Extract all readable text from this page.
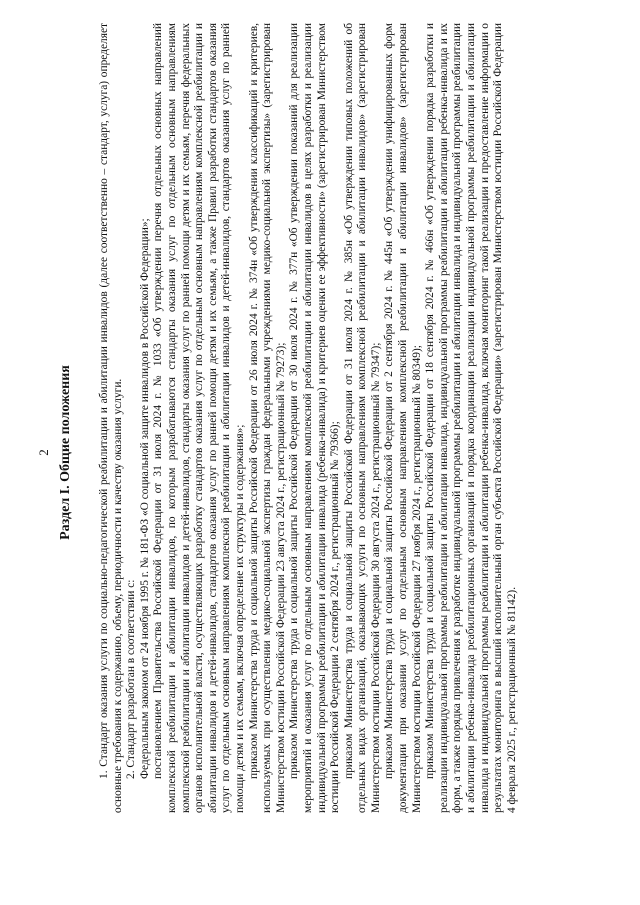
2 Раздел I. Общие положения 1. Стандарт оказания услуги по социально-педагогической реабилитации и абилитации инвалидов (далее соответственно – стандарт, услуга) определяет основные требования к содержанию, объему, периодичности и качеству оказания услуги. 2. Стандарт разработан в соответствии с: Федеральным законом от 24 ноября 1995 г. № 181-ФЗ «О социальной защите инвалидов в Российской Федерации»; постановлением Правительства Российской Федерации от 31 июля 2024 г. № 1033 «Об утверждении перечня отдельных основных направлений комплексной реабилитации и абилитации инвалидов, по которым разрабатываются стандарты оказания услуг по отдельным основным направлениям комплексной реабилитации и абилитации инвалидов и детей-инвалидов, стандарты оказания услуг по ранней помощи детям и их семьям, перечня федеральных органов исполнительной власти, осуществляющих разработку стандартов оказания услуг по отдельным основным направлениям комплексной реабилитации и абилитации инвалидов и детей-инвалидов, стандартов оказания услуг по ранней помощи детям и их семьям, а также Правил разработки стандартов оказания услуг по отдельным основным направлениям комплексной реабилитации и абилитации инвалидов и детей-инвалидов, стандартов оказания услуг по ранней помощи детям и их семьям, включая определение их структуры и содержания»; приказом Министерства труда и социальной защиты Российской Федерации от 26 июля 2024 г. № 374н «Об утверждении классификаций и критериев, используемых при осуществлении медико-социальной экспертизы граждан федеральными учреждениями медико-социальной экспертизы» (зарегистрирован Министерством юстиции Российской Федерации 23 августа 2024 г., регистрационный № 79273); приказом Министерства труда и социальной защиты Российской Федерации от 30 июля 2024 г. № 377н «Об утверждении показаний для реализации мероприятий и оказания услуг по отдельным основным направлениям комплексной реабилитации и абилитации инвалидов в целях разработки и реализации индивидуальной программы реабилитации и абилитации инвалида (ребенка-инвалида) и критериев оценки ее эффективности» (зарегистрирован Министерством юстиции Российской Федерации 2 сентября 2024 г., регистрационный № 79366); приказом Министерства труда и социальной защиты Российской Федерации от 31 июля 2024 г. № 385н «Об утверждении типовых положений об отдельных видах организаций, оказывающих услуги по основным направлениям комплексной реабилитации и абилитации инвалидов» (зарегистрирован Министерством юстиции Российской Федерации 30 августа 2024 г., регистрационный № 79347); приказом Министерства труда и социальной защиты Российской Федерации от 2 сентября 2024 г. № 445н «Об утверждении унифицированных форм документации при оказании услуг по отдельным основным направлениям комплексной реабилитации и абилитации инвалидов» (зарегистрирован Министерством юстиции Российской Федерации 27 ноября 2024 г., регистрационный № 80349); приказом Министерства труда и социальной защиты Российской Федерации от 18 сентября 2024 г. № 466н «Об утверждении порядка разработки и реализации индивидуальной программы реабилитации и абилитации инвалида, индивидуальной программы реабилитации и абилитации ребенка-инвалида и их форм, а также порядка привлечения к разработке индивидуальной программы реабилитации и абилитации инвалида и индивидуальной программы реабилитации и абилитации ребенка-инвалида реабилитационных организаций и порядка координации реализации индивидуальной программы реабилитации и абилитации инвалида и индивидуальной программы реабилитации и абилитации ребенка-инвалида, включая мониторинг такой реализации и предоставление информации о результатах мониторинга в высший исполнительный орган субъекта Российской Федерации» (зарегистрирован Министерством юстиции Российской Федерации 4 февраля 2025 г., регистрационный № 81142).
